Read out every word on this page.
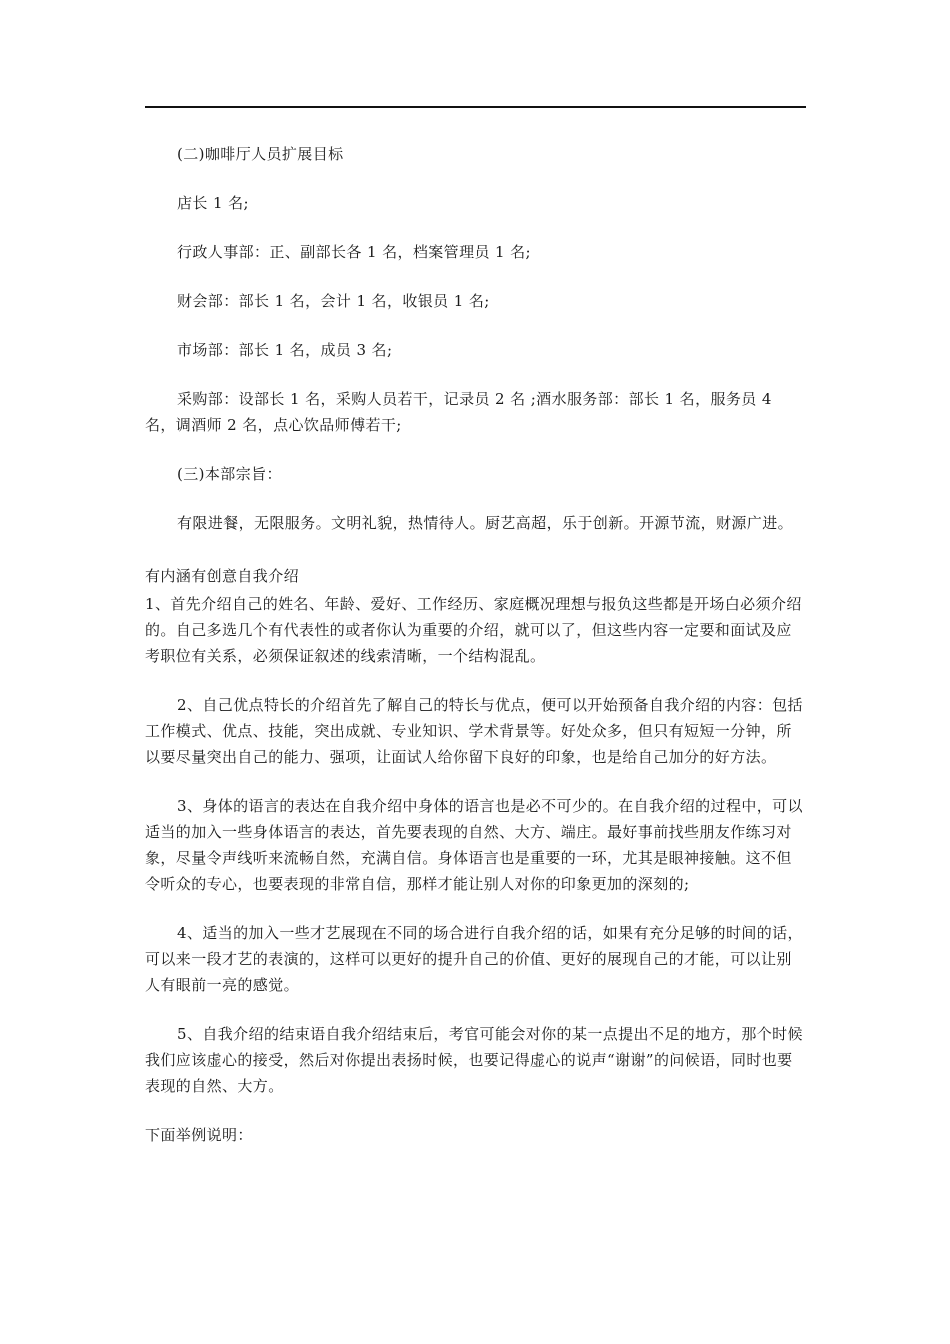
(二)咖啡厅人员扩展目标

店长 1 名;

行政人事部：正、副部长各 1 名，档案管理员 1 名;

财会部：部长 1 名，会计 1 名，收银员 1 名;

市场部：部长 1 名，成员 3 名;

采购部：设部长 1 名，采购人员若干，记录员 2 名 ;酒水服务部：部长 1 名，服务员 4 名，调酒师 2 名，点心饮品师傅若干;

(三)本部宗旨：

有限进餐，无限服务。文明礼貌，热情待人。厨艺高超，乐于创新。开源节流，财源广进。

有内涵有创意自我介绍

1、首先介绍自己的姓名、年龄、爱好、工作经历、家庭概况理想与报负这些都是开场白必须介绍的。自己多选几个有代表性的或者你认为重要的介绍，就可以了，但这些内容一定要和面试及应考职位有关系，必须保证叙述的线索清晰，一个结构混乱。

2、自己优点特长的介绍首先了解自己的特长与优点，便可以开始预备自我介绍的内容：包括工作模式、优点、技能，突出成就、专业知识、学术背景等。好处众多，但只有短短一分钟，所以要尽量突出自己的能力、强项，让面试人给你留下良好的印象，也是给自己加分的好方法。

3、身体的语言的表达在自我介绍中身体的语言也是必不可少的。在自我介绍的过程中，可以适当的加入一些身体语言的表达，首先要表现的自然、大方、端庄。最好事前找些朋友作练习对象，尽量令声线听来流畅自然，充满自信。身体语言也是重要的一环，尤其是眼神接触。这不但令听众的专心，也要表现的非常自信，那样才能让别人对你的印象更加的深刻的;

4、适当的加入一些才艺展现在不同的场合进行自我介绍的话，如果有充分足够的时间的话，可以来一段才艺的表演的，这样可以更好的提升自己的价值、更好的展现自己的才能，可以让别人有眼前一亮的感觉。

5、自我介绍的结束语自我介绍结束后，考官可能会对你的某一点提出不足的地方，那个时候我们应该虚心的接受，然后对你提出表扬时候，也要记得虚心的说声“谢谢”的问候语，同时也要表现的自然、大方。

下面举例说明：
